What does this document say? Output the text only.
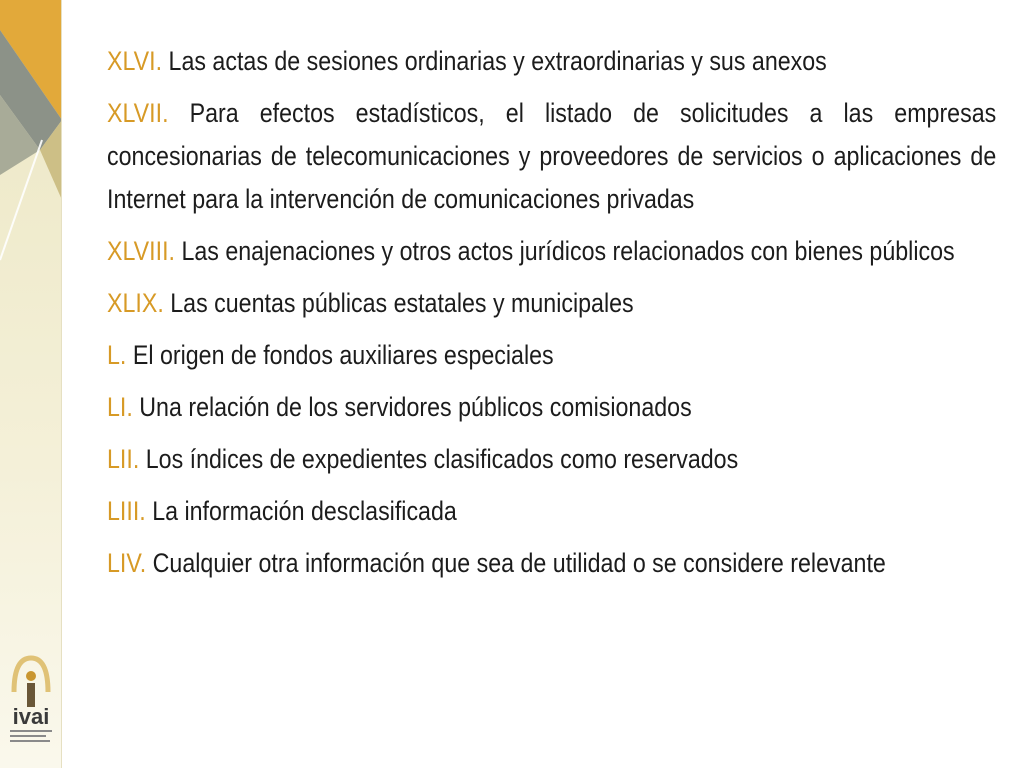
ivai

XLVI. Las actas de sesiones ordinarias y extraordinarias y sus anexos

XLVII. Para efectos estadísticos, el listado de solicitudes a las empresas concesionarias de telecomunicaciones y proveedores de servicios o aplicaciones de Internet para la intervención de comunicaciones privadas

XLVIII. Las enajenaciones y otros actos jurídicos relacionados con bienes públicos

XLIX. Las cuentas públicas estatales y municipales

L. El origen de fondos auxiliares especiales

LI. Una relación de los servidores públicos comisionados

LII. Los índices de expedientes clasificados como reservados

LIII. La información desclasificada

LIV. Cualquier otra información que sea de utilidad o se considere relevante
